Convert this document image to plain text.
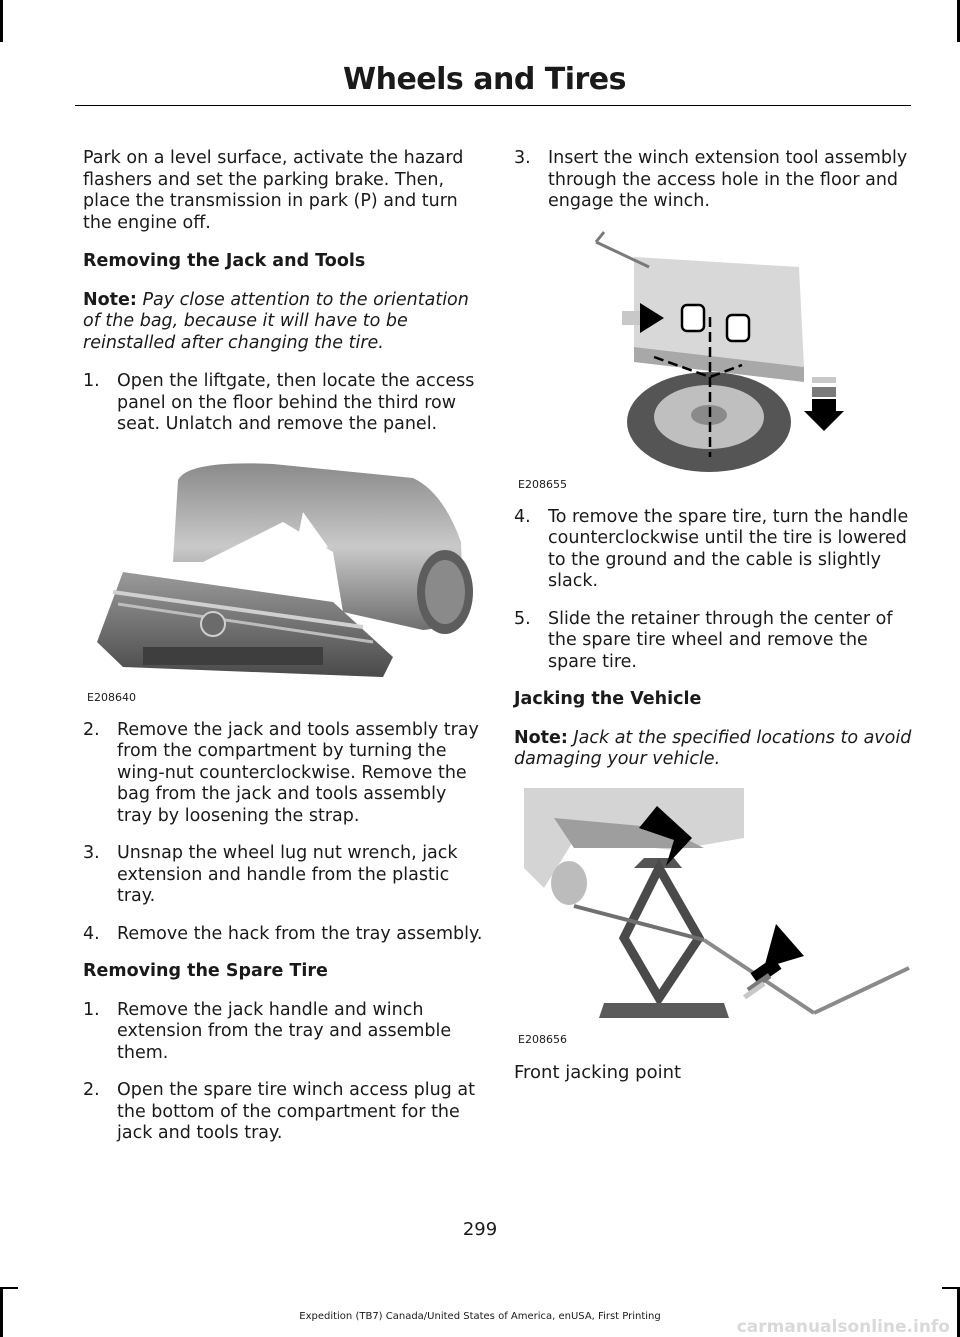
Wheels and Tires

Park on a level surface, activate the hazard flashers and set the parking brake. Then, place the transmission in park (P) and turn the engine off.

Removing the Jack and Tools

Note: Pay close attention to the orientation of the bag, because it will have to be reinstalled after changing the tire.

1. Open the liftgate, then locate the access panel on the floor behind the third row seat. Unlatch and remove the panel.
E208640
2. Remove the jack and tools assembly tray from the compartment by turning the wing-nut counterclockwise. Remove the bag from the jack and tools assembly tray by loosening the strap.
3. Unsnap the wheel lug nut wrench, jack extension and handle from the plastic tray.
4. Remove the hack from the tray assembly.
Removing the Spare Tire
1. Remove the jack handle and winch extension from the tray and assemble them.
2. Open the spare tire winch access plug at the bottom of the compartment for the jack and tools tray.
3. Insert the winch extension tool assembly through the access hole in the floor and engage the winch.
E208655
4. To remove the spare tire, turn the handle counterclockwise until the tire is lowered to the ground and the cable is slightly slack.
5. Slide the retainer through the center of the spare tire wheel and remove the spare tire.
Jacking the Vehicle

Note: Jack at the specified locations to avoid damaging your vehicle.

E208656

Front jacking point

299
Expedition (TB7) Canada/United States of America, enUSA, First Printing
carmanualsonline.info
